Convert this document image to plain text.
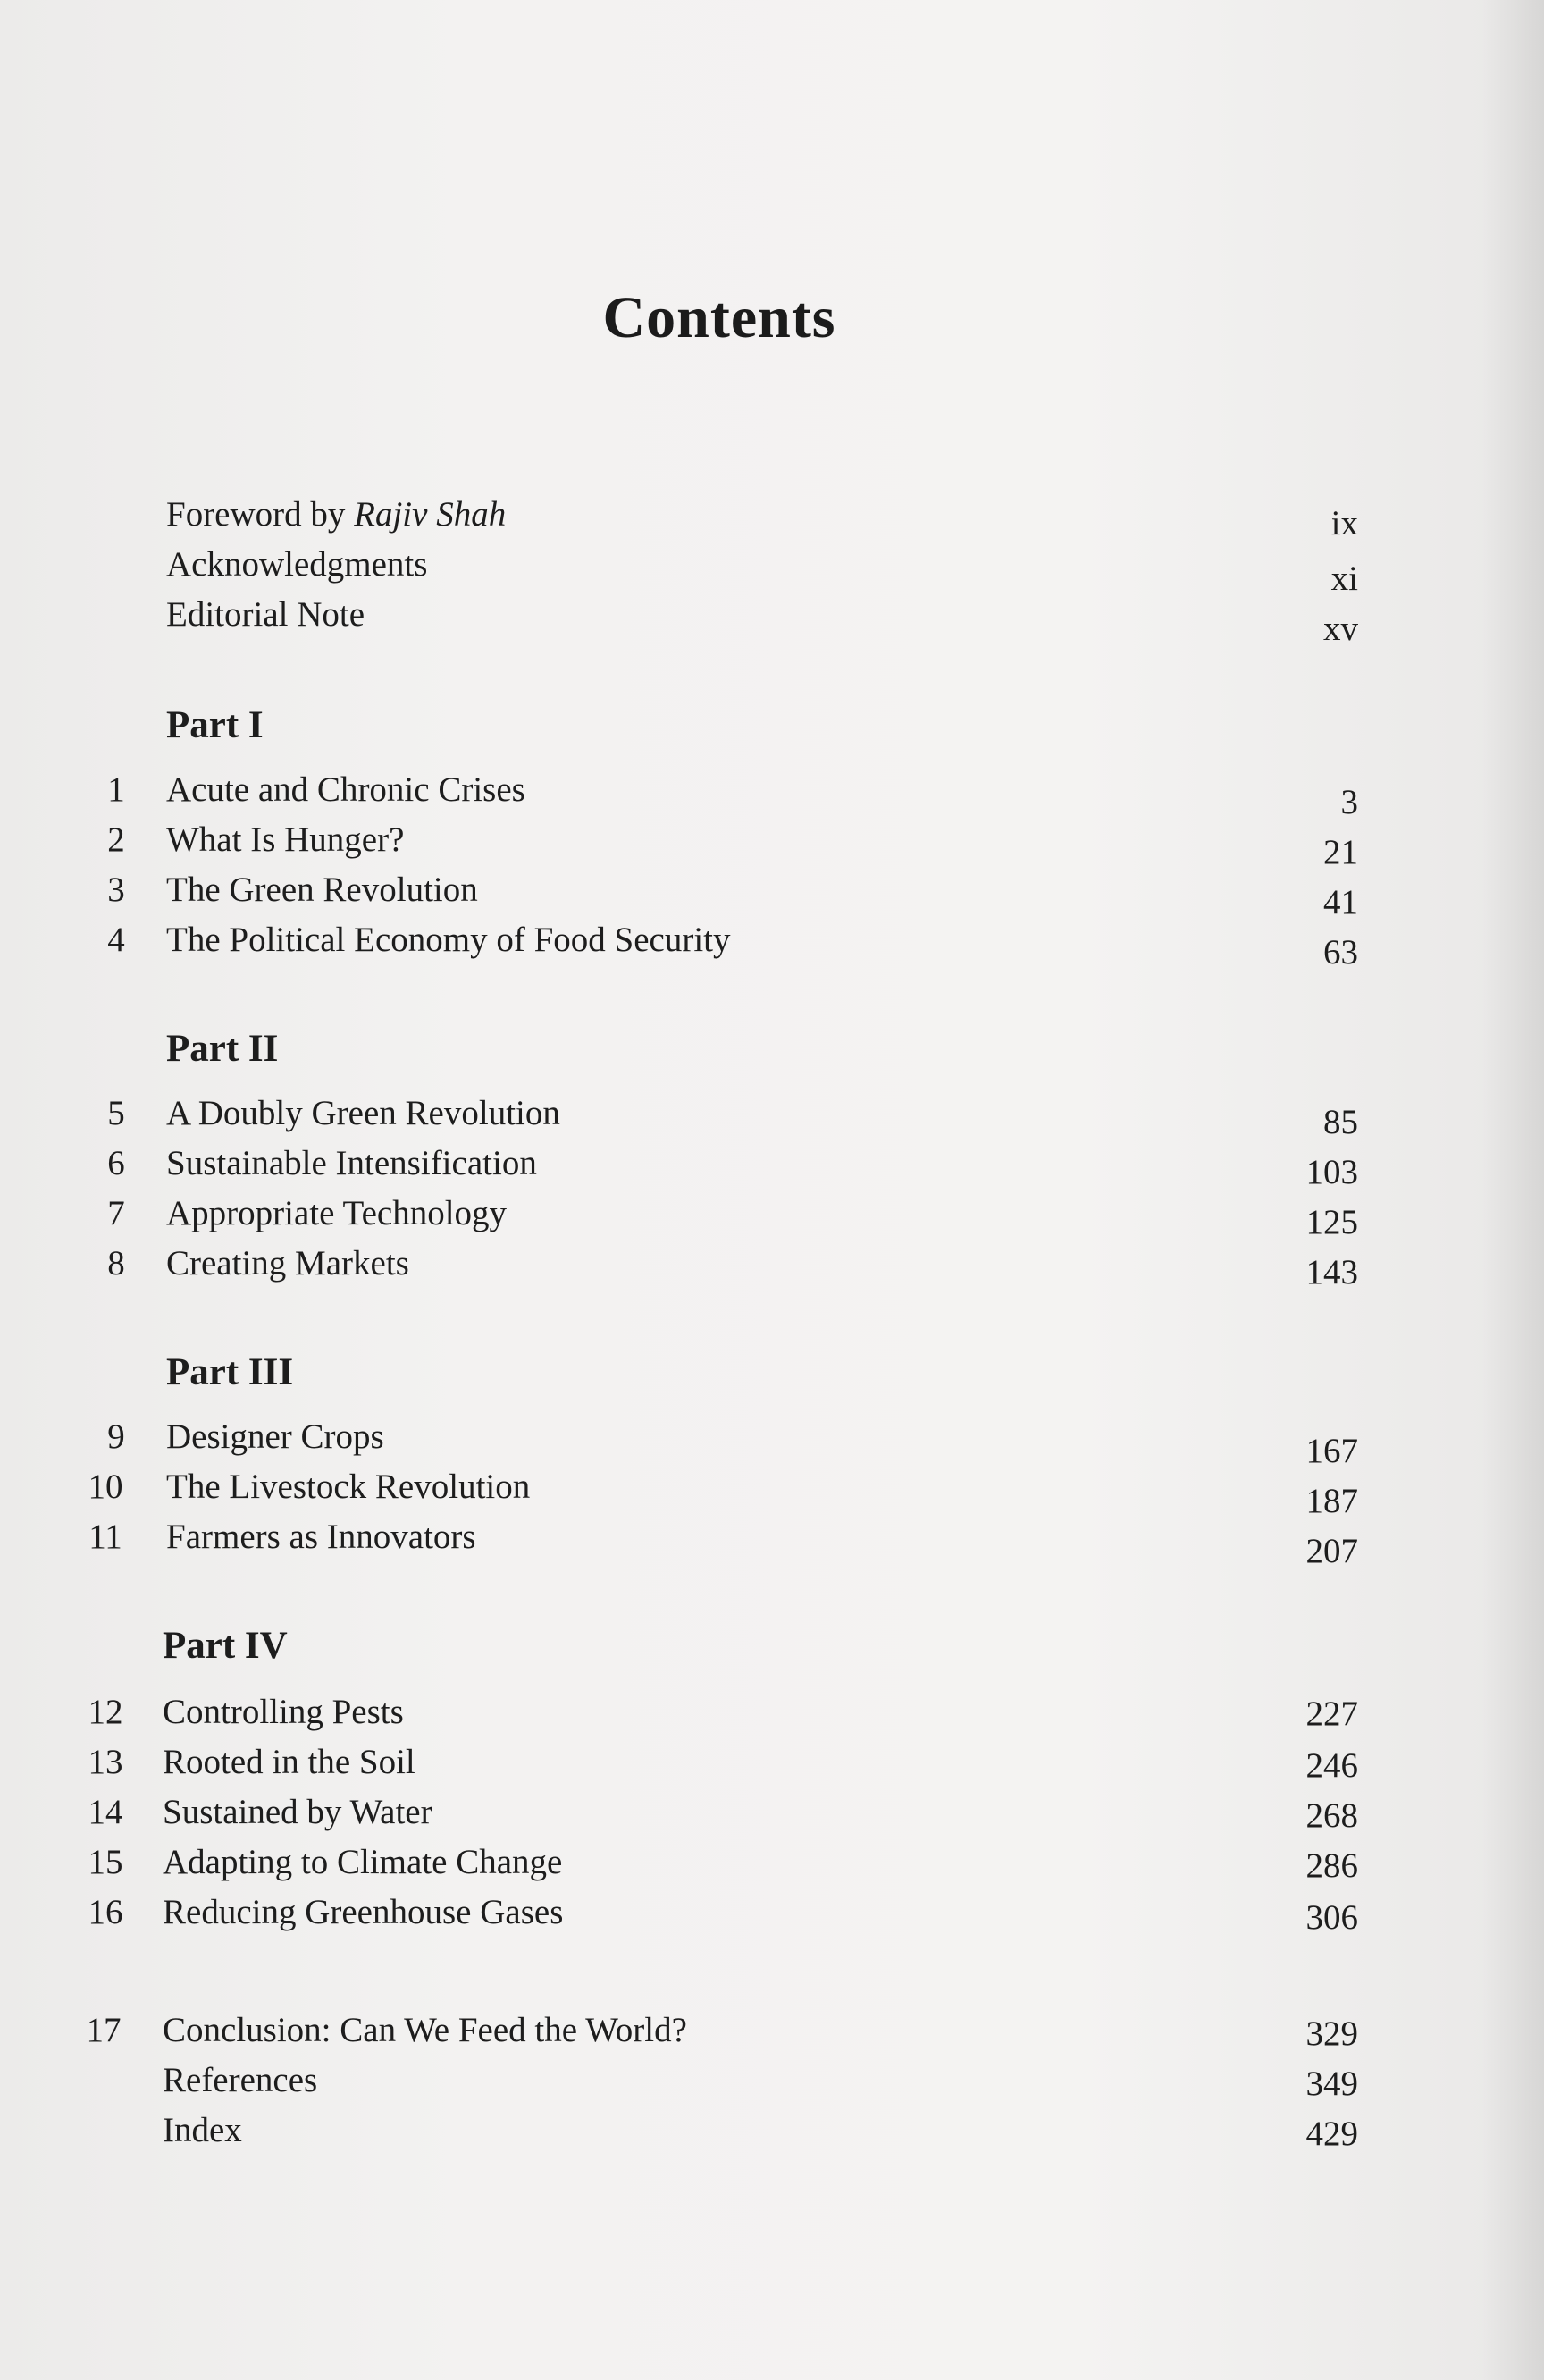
Contents
Foreword by Rajiv Shah	ix
Acknowledgments	xi
Editorial Note	xv
Part I
1	Acute and Chronic Crises	3
2	What Is Hunger?	21
3	The Green Revolution	41
4	The Political Economy of Food Security	63
Part II
5	A Doubly Green Revolution	85
6	Sustainable Intensification	103
7	Appropriate Technology	125
8	Creating Markets	143
Part III
9	Designer Crops	167
10	The Livestock Revolution	187
11	Farmers as Innovators	207
Part IV
12	Controlling Pests	227
13	Rooted in the Soil	246
14	Sustained by Water	268
15	Adapting to Climate Change	286
16	Reducing Greenhouse Gases	306
17	Conclusion: Can We Feed the World?	329
References	349
Index	429
